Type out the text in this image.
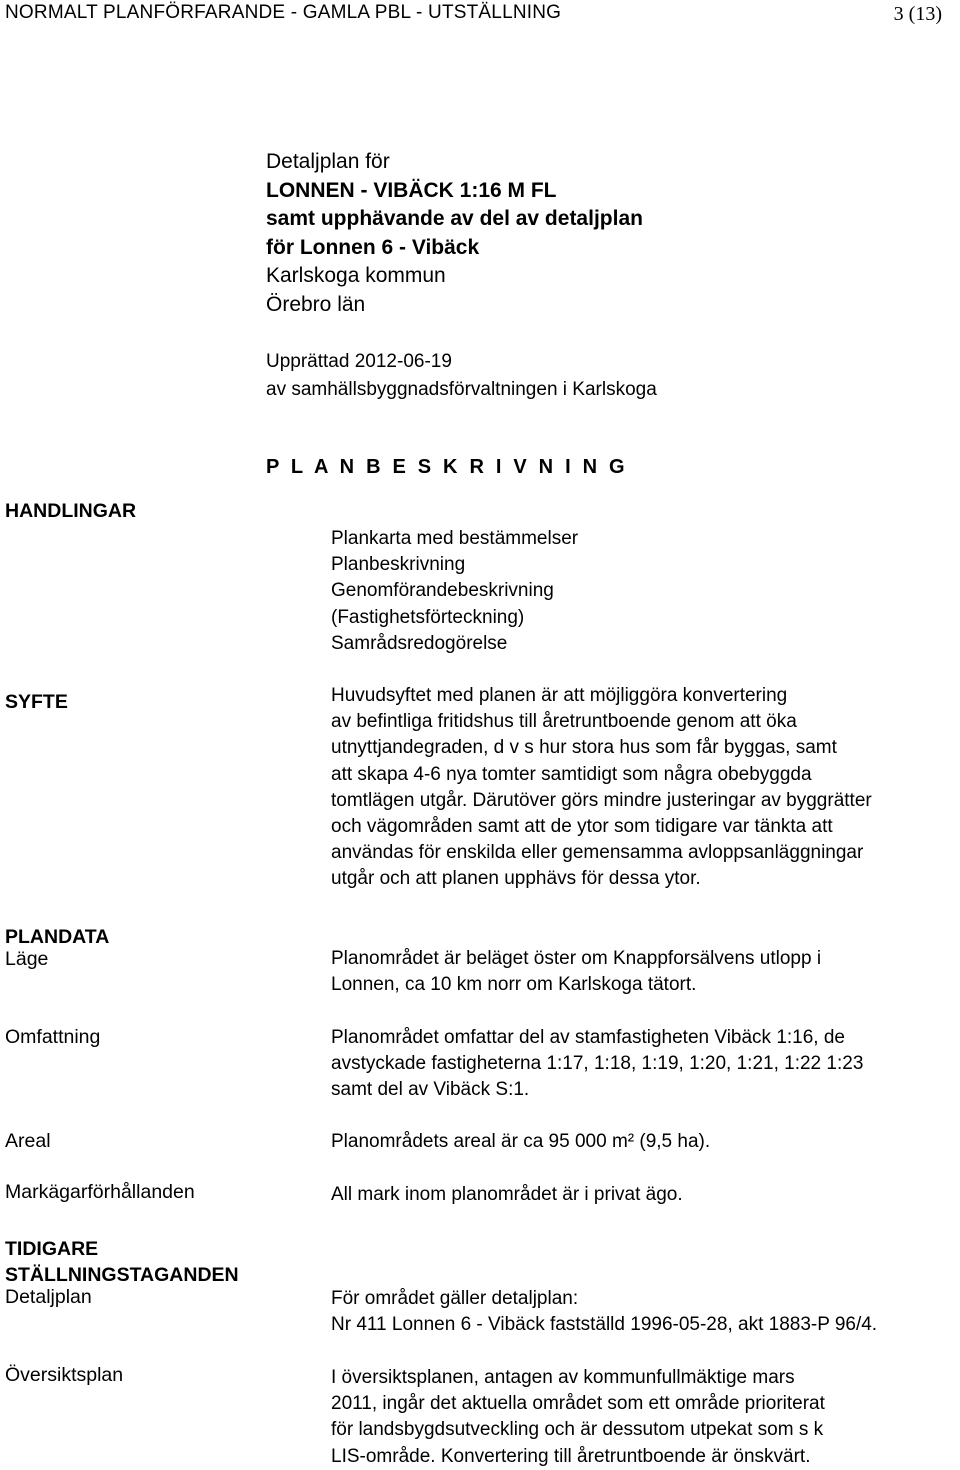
NORMALT PLANFÖRFARANDE - GAMLA PBL - UTSTÄLLNING	3 (13)
Detaljplan för
LONNEN - VIBÄCK 1:16 M FL
samt upphävande av del av detaljplan
för Lonnen 6 - Vibäck
Karlskoga kommun
Örebro län
Upprättad 2012-06-19
av samhällsbyggnadsförvaltningen i Karlskoga
P L A N B E S K R I V N I N G
HANDLINGAR
Plankarta med bestämmelser
Planbeskrivning
Genomförandebeskrivning
(Fastighetsförteckning)
Samrådsredogörelse
SYFTE	Huvudsyftet med planen är att möjliggöra konvertering
av befintliga fritidshus till åretruntboende genom att öka
utnyttjandegraden, d v s hur stora hus som får byggas, samt
att skapa 4-6 nya tomter samtidigt som några obebyggda
tomtlägen utgår. Därutöver görs mindre justeringar av byggrätter
och vägområden samt att de ytor som tidigare var tänkta att
användas för enskilda eller gemensamma avloppsanläggningar
utgår och att planen upphävs för dessa ytor.
PLANDATA
Läge	Planområdet är beläget öster om Knappforsälvens utlopp i
Lonnen, ca 10 km norr om Karlskoga tätort.
Omfattning	Planområdet omfattar del av stamfastigheten Vibäck 1:16, de
avstyckade fastigheterna 1:17, 1:18, 1:19, 1:20, 1:21, 1:22 1:23
samt del av Vibäck S:1.
Areal	Planområdets areal är ca 95 000 m² (9,5 ha).
Markägarförhållanden	All mark inom planområdet är i privat ägo.
TIDIGARE
STÄLLNINGSTAGANDEN
Detaljplan	För området gäller detaljplan:
Nr 411 Lonnen 6 - Vibäck fastställd 1996-05-28, akt 1883-P 96/4.
Översiktsplan	I översiktsplanen, antagen av kommunfullmäktige mars
2011, ingår det aktuella området som ett område prioriterat
för landsbygdsutveckling och är dessutom utpekat som s k
LIS-område. Konvertering till åretruntboende är önskvärt.
